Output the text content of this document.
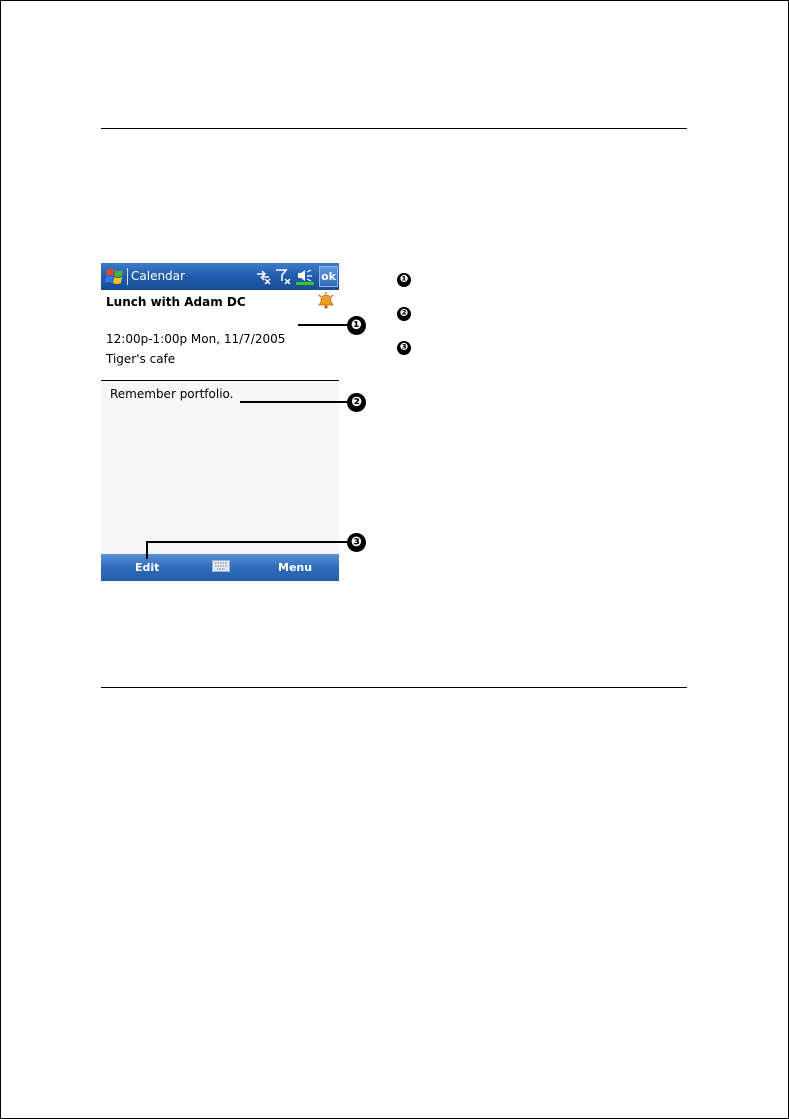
Calendar	ok
Lunch with Adam DC
12:00p-1:00p Mon, 11/7/2005
Tiger's cafe
Remember portfolio.
Edit	Menu
❶
❷
❸
❶
❷
❸
